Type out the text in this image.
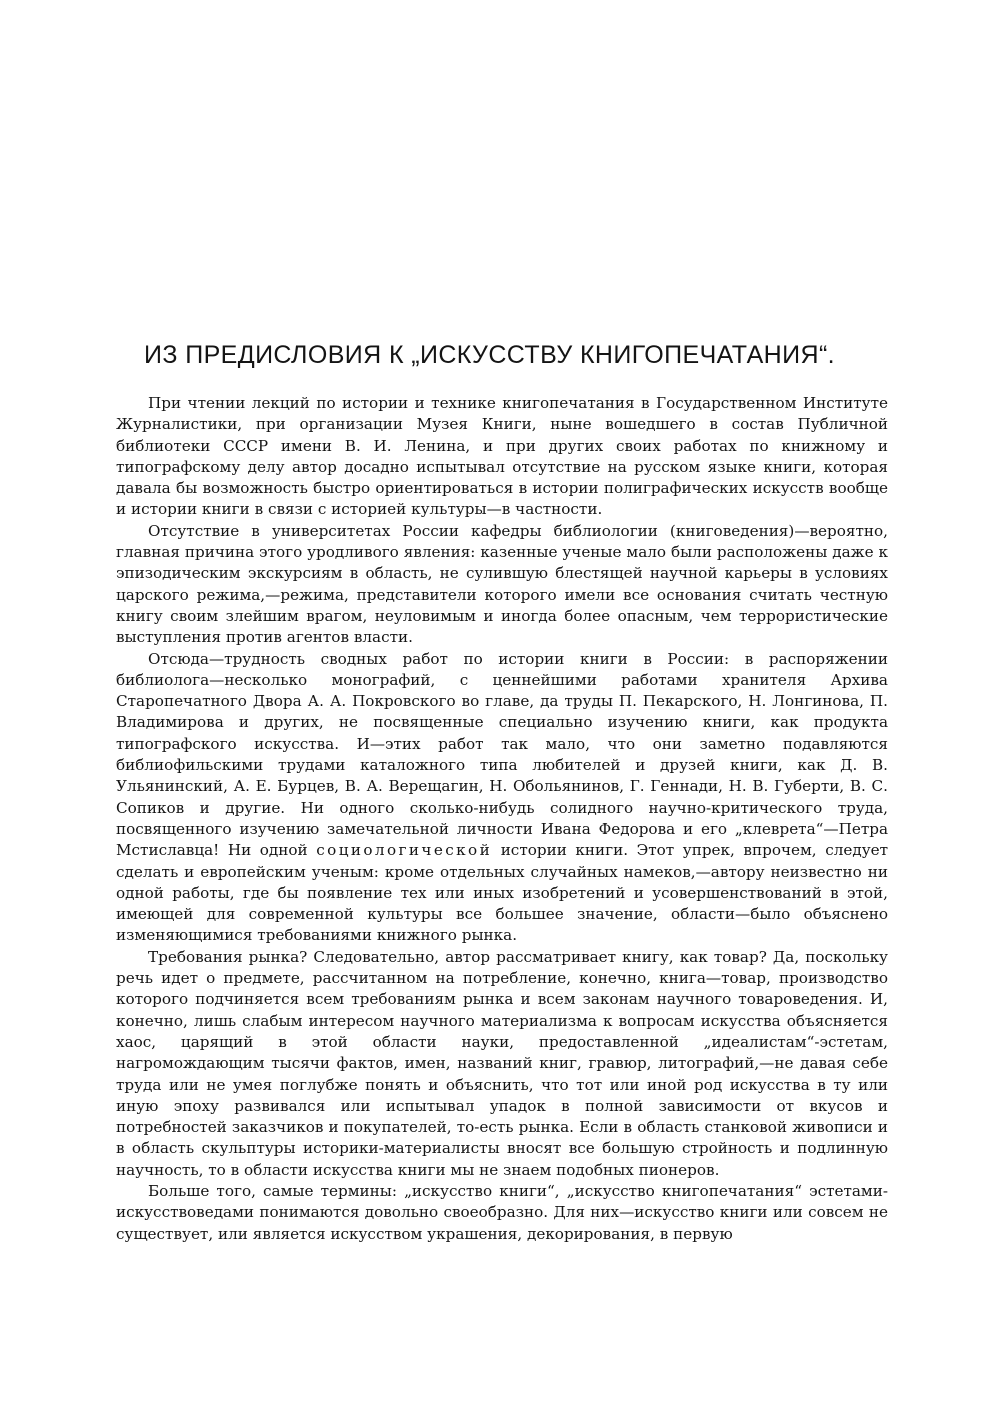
ИЗ ПРЕДИСЛОВИЯ К „ИСКУССТВУ КНИГОПЕЧАТАНИЯ“.

При чтении лекций по истории и технике книгопечатания в Государственном Институте Журналистики, при организации Музея Книги, ныне вошедшего в состав Публичной библиотеки СССР имени В. И. Ленина, и при других своих работах по книжному и типографскому делу автор досадно испытывал отсутствие на русском языке книги, которая давала бы возможность быстро ориентироваться в истории полиграфических искусств вообще и истории книги в связи с историей культуры—в частности.

Отсутствие в университетах России кафедры библиологии (книговедения)—вероятно, главная причина этого уродливого явления: казенные ученые мало были расположены даже к эпизодическим экскурсиям в область, не сулившую блестящей научной карьеры в условиях царского режима,—режима, представители которого имели все основания считать честную книгу своим злейшим врагом, неуловимым и иногда более опасным, чем террористические выступления против агентов власти.

Отсюда—трудность сводных работ по истории книги в России: в распоряжении библиолога—несколько монографий, с ценнейшими работами хранителя Архива Старопечатного Двора А. А. Покровского во главе, да труды П. Пекарского, Н. Лонгинова, П. Владимирова и других, не посвященные специально изучению книги, как продукта типографского искусства. И—этих работ так мало, что они заметно подавляются библиофильскими трудами каталожного типа любителей и друзей книги, как Д. В. Ульянинский, А. Е. Бурцев, В. А. Верещагин, Н. Обольянинов, Г. Геннади, Н. В. Губерти, В. С. Сопиков и другие. Ни одного сколько-нибудь солидного научно-критического труда, посвященного изучению замечательной личности Ивана Федорова и его „клеврета“—Петра Мстиславца! Ни одной социологической истории книги. Этот упрек, впрочем, следует сделать и европейским ученым: кроме отдельных случайных намеков,—автору неизвестно ни одной работы, где бы появление тех или иных изобретений и усовершенствований в этой, имеющей для современной культуры все большее значение, области—было объяснено изменяющимися требованиями книжного рынка.

Требования рынка? Следовательно, автор рассматривает книгу, как товар? Да, поскольку речь идет о предмете, рассчитанном на потребление, конечно, книга—товар, производство которого подчиняется всем требованиям рынка и всем законам научного товароведения. И, конечно, лишь слабым интересом научного материализма к вопросам искусства объясняется хаос, царящий в этой области науки, предоставленной „идеалистам“-эстетам, нагромождающим тысячи фактов, имен, названий книг, гравюр, литографий,—не давая себе труда или не умея поглубже понять и объяснить, что тот или иной род искусства в ту или иную эпоху развивался или испытывал упадок в полной зависимости от вкусов и потребностей заказчиков и покупателей, то-есть рынка. Если в область станковой живописи и в область скульптуры историки-материалисты вносят все большую стройность и подлинную научность, то в области искусства книги мы не знаем подобных пионеров.

Больше того, самые термины: „искусство книги“, „искусство книгопечатания“ эстетами-искусствоведами понимаются довольно своеобразно. Для них—искусство книги или совсем не существует, или является искусством украшения, декорирования, в первую
